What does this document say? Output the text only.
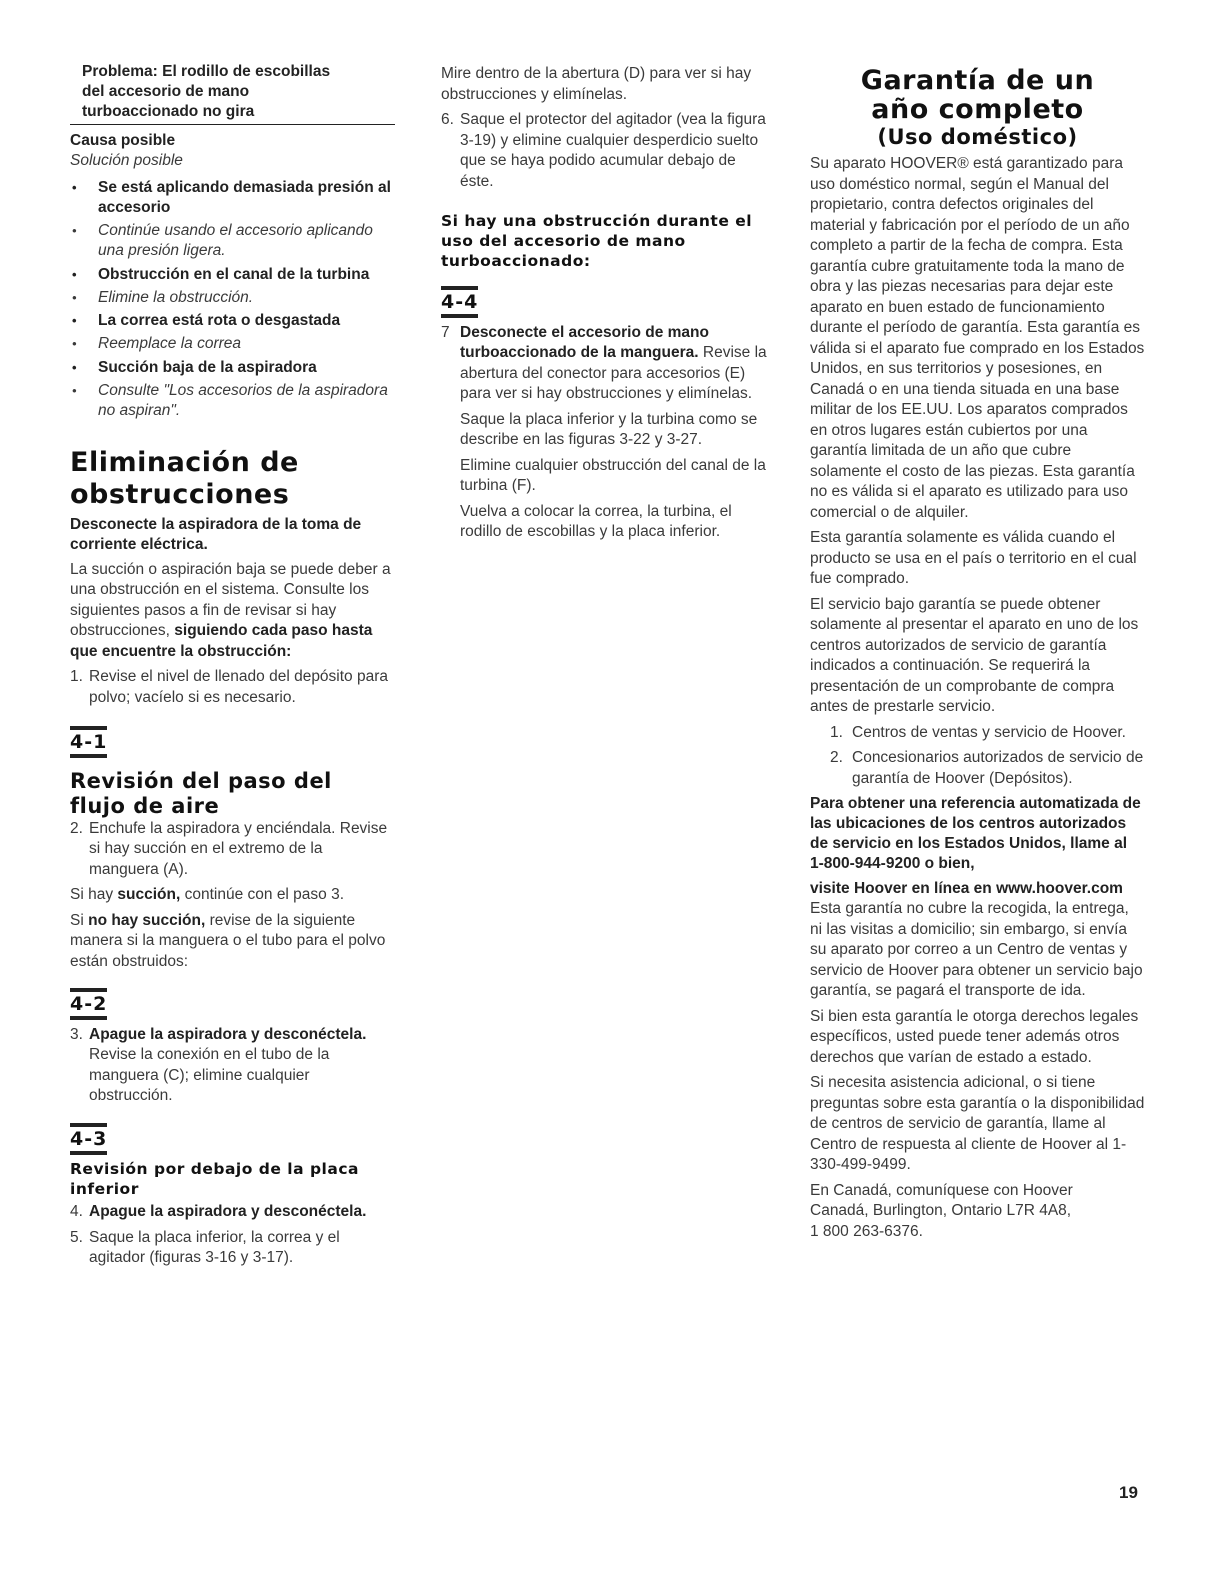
Problema: El rodillo de escobillas
del accesorio de mano
turboaccionado no gira
Causa posible
Solución posible
• Se está aplicando demasiada presión al accesorio
• Continúe usando el accesorio aplicando una presión ligera.
• Obstrucción en el canal de la turbina
• Elimine la obstrucción.
• La correa está rota o desgastada
• Reemplace la correa
• Succión baja de la aspiradora
• Consulte "Los accesorios de la aspiradora no aspiran".
Eliminación de
obstrucciones

Desconecte la aspiradora de la toma de corriente eléctrica.

La succión o aspiración baja se puede deber a una obstrucción en el sistema. Consulte los siguientes pasos a fin de revisar si hay obstrucciones, siguiendo cada paso hasta que encuentre la obstrucción:

1. Revise el nivel de llenado del depósito para polvo; vacíelo si es necesario.
4-1
Revisión del paso del
flujo de aire
2. Enchufe la aspiradora y enciéndala. Revise si hay succión en el extremo de la manguera (A).

Si hay succión, continúe con el paso 3.

Si no hay succión, revise de la siguiente manera si la manguera o el tubo para el polvo están obstruidos:

4-2
3. Apague la aspiradora y desconéctela. Revise la conexión en el tubo de la manguera (C); elimine cualquier obstrucción.
4-3
Revisión por debajo de la placa inferior
4. Apague la aspiradora y desconéctela.
5. Saque la placa inferior, la correa y el agitador (figuras 3-16 y 3-17).

Mire dentro de la abertura (D) para ver si hay obstrucciones y elimínelas.

6. Saque el protector del agitador (vea la figura 3-19) y elimine cualquier desperdicio suelto que se haya podido acumular debajo de éste.
Si hay una obstrucción durante el uso del accesorio de mano turboaccionado:
4-4
7 Desconecte el accesorio de mano turboaccionado de la manguera. Revise la abertura del conector para accesorios (E) para ver si hay obstrucciones y elimínelas.

Saque la placa inferior y la turbina como se describe en las figuras 3-22 y 3-27.

Elimine cualquier obstrucción del canal de la turbina (F).

Vuelva a colocar la correa, la turbina, el rodillo de escobillas y la placa inferior.

Garantía de un
año completo
(Uso doméstico)

Su aparato HOOVER® está garantizado para uso doméstico normal, según el Manual del propietario, contra defectos originales del material y fabricación por el período de un año completo a partir de la fecha de compra. Esta garantía cubre gratuitamente toda la mano de obra y las piezas necesarias para dejar este aparato en buen estado de funcionamiento durante el período de garantía. Esta garantía es válida si el aparato fue comprado en los Estados Unidos, en sus territorios y posesiones, en Canadá o en una tienda situada en una base militar de los EE.UU. Los aparatos comprados en otros lugares están cubiertos por una garantía limitada de un año que cubre solamente el costo de las piezas. Esta garantía no es válida si el aparato es utilizado para uso comercial o de alquiler.

Esta garantía solamente es válida cuando el producto se usa en el país o territorio en el cual fue comprado.

El servicio bajo garantía se puede obtener solamente al presentar el aparato en uno de los centros autorizados de servicio de garantía indicados a continuación. Se requerirá la presentación de un comprobante de compra antes de prestarle servicio.

1. Centros de ventas y servicio de Hoover.
2. Concesionarios autorizados de servicio de garantía de Hoover (Depósitos).

Para obtener una referencia automatizada de las ubicaciones de los centros autorizados de servicio en los Estados Unidos, llame al 1-800-944-9200 o bien,

visite Hoover en línea en www.hoover.com

Esta garantía no cubre la recogida, la entrega, ni las visitas a domicilio; sin embargo, si envía su aparato por correo a un Centro de ventas y servicio de Hoover para obtener un servicio bajo garantía, se pagará el transporte de ida.

Si bien esta garantía le otorga derechos legales específicos, usted puede tener además otros derechos que varían de estado a estado.

Si necesita asistencia adicional, o si tiene preguntas sobre esta garantía o la disponibilidad de centros de servicio de garantía, llame al Centro de respuesta al cliente de Hoover al 1-330-499-9499.

En Canadá, comuníquese con Hoover
Canadá, Burlington, Ontario L7R 4A8,
1 800 263-6376.

19
